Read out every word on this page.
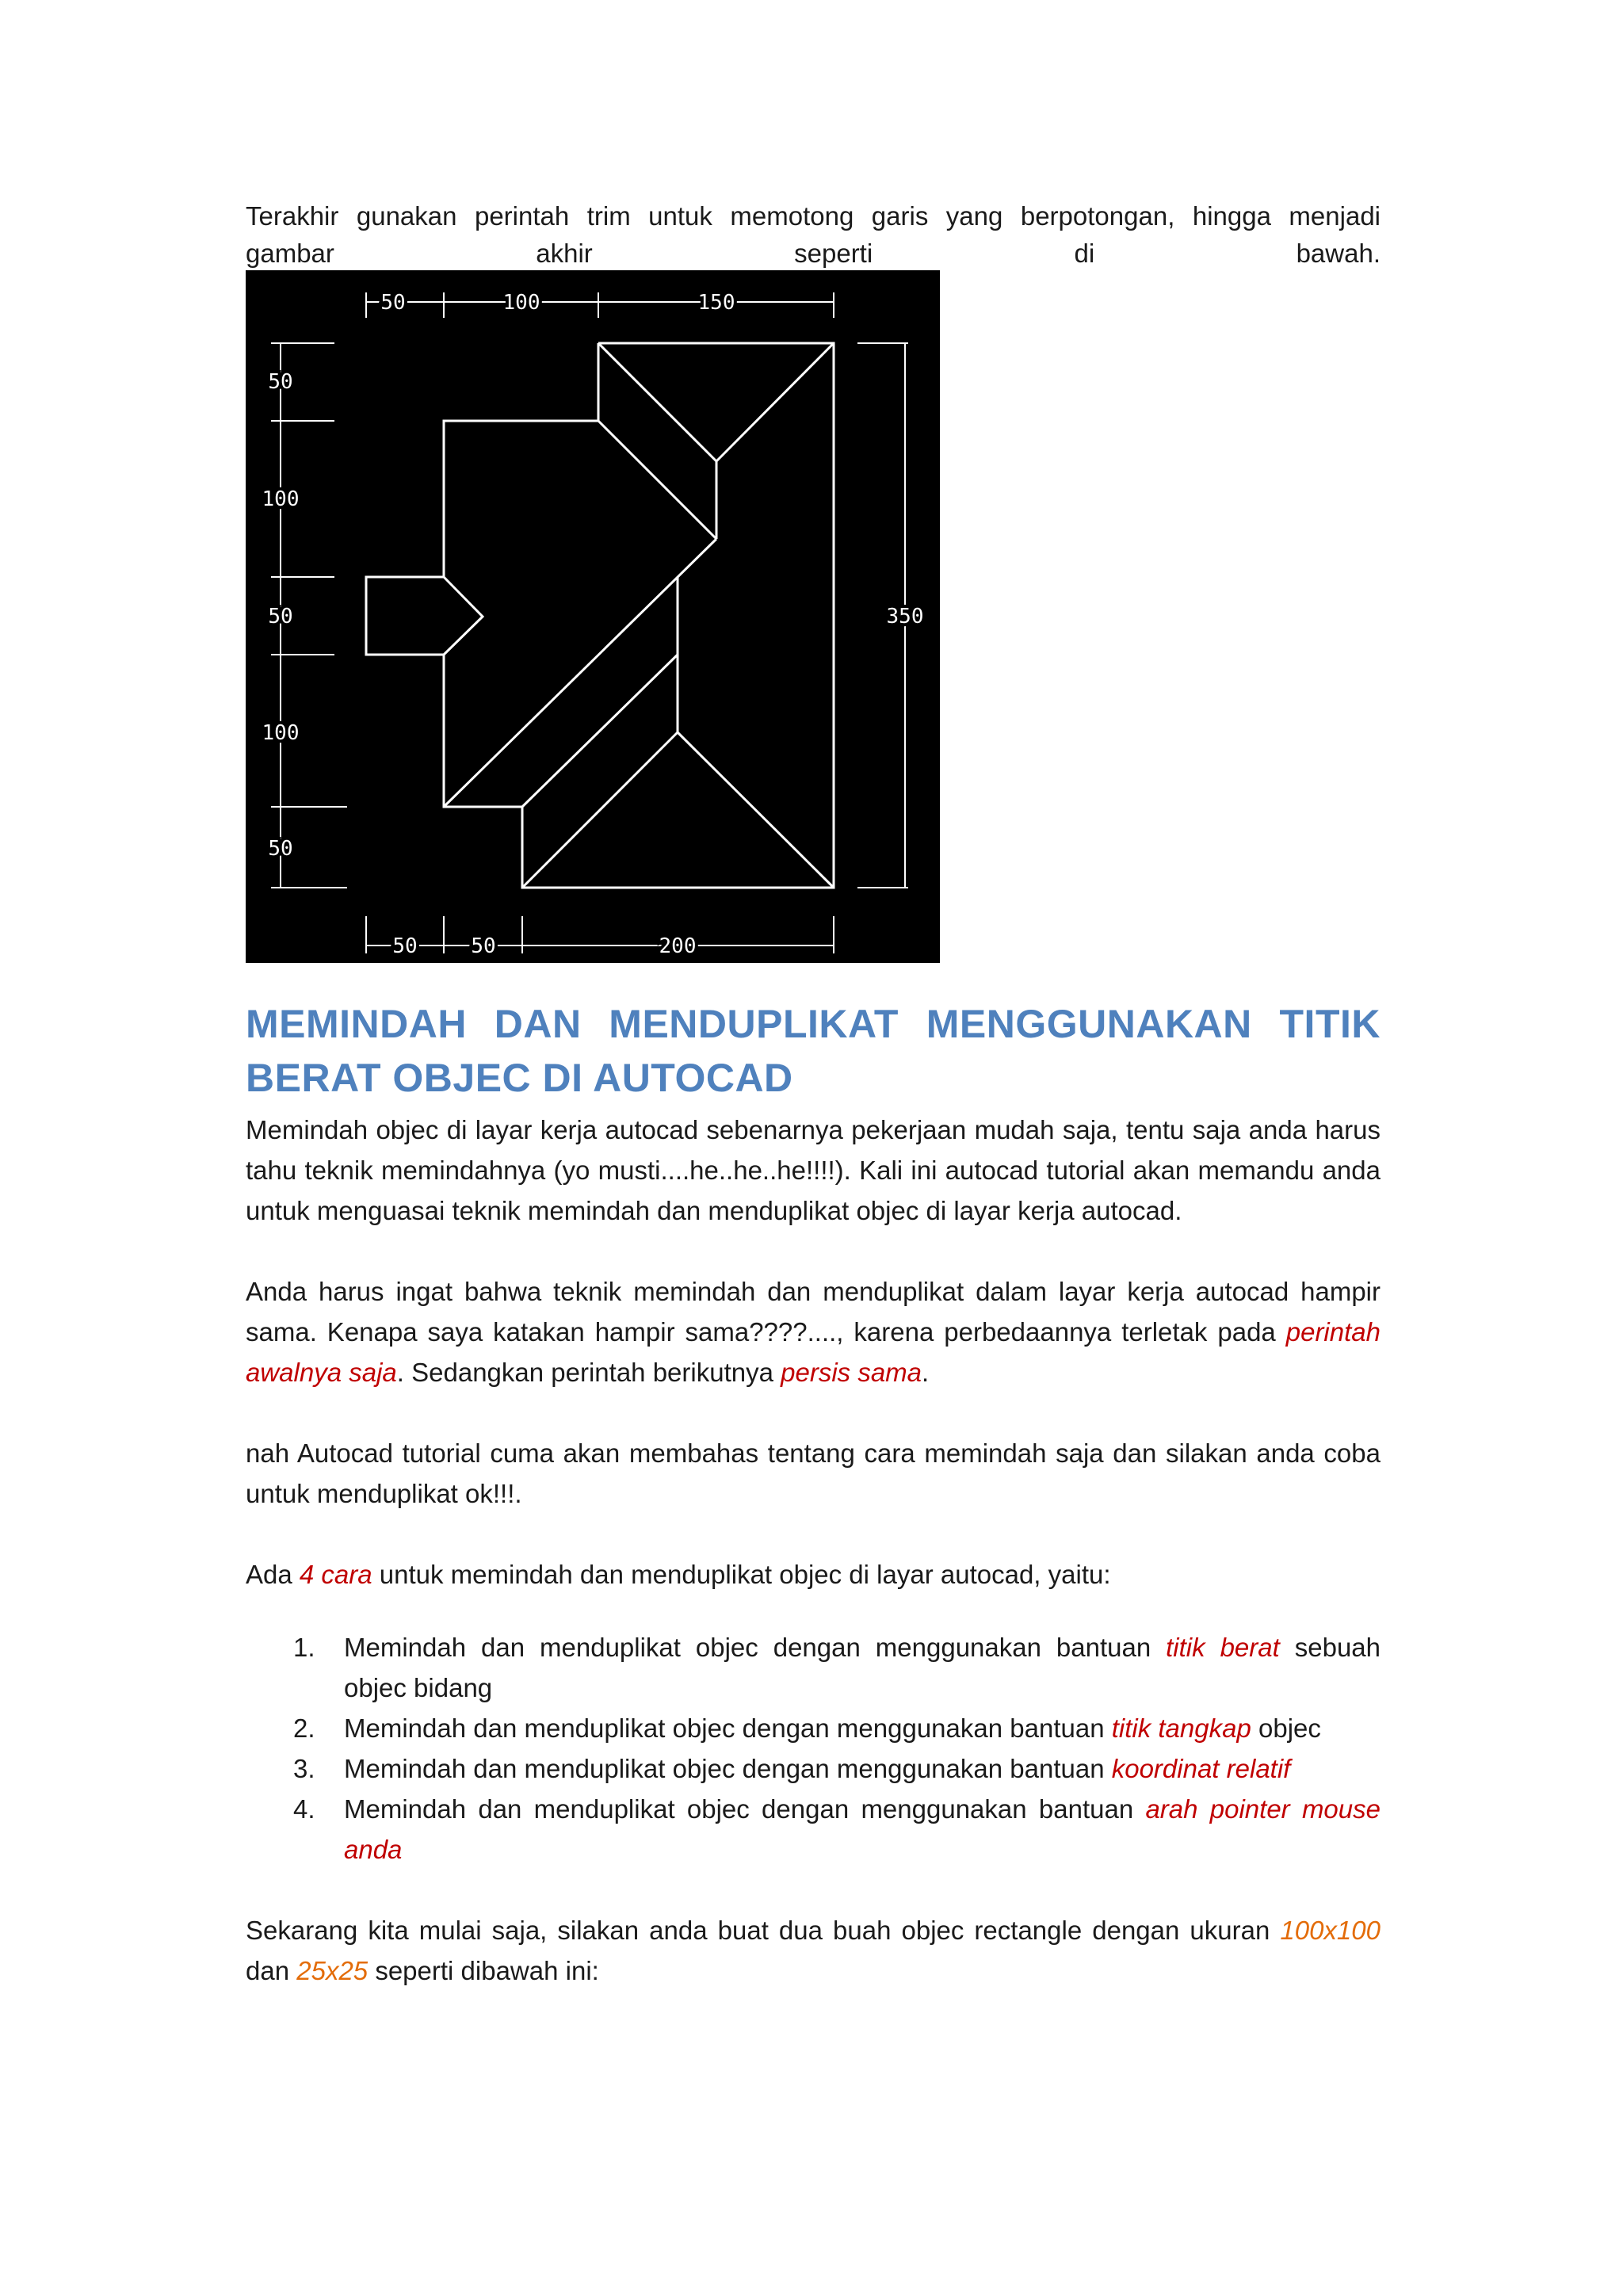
Terakhir gunakan perintah trim untuk memotong garis yang berpotongan, hingga menjadi

gambar akhir seperti di bawah.

50	100	150
50	50	200
50
100
50
100
50
350
MEMINDAH DAN MENDUPLIKAT MENGGUNAKAN TITIK
BERAT OBJEC DI AUTOCAD

Memindah objec di layar kerja autocad sebenarnya pekerjaan mudah saja, tentu saja anda harus tahu teknik memindahnya (yo musti....he..he..he!!!!). Kali ini autocad tutorial akan memandu anda untuk menguasai teknik memindah dan menduplikat objec di layar kerja autocad.

Anda harus ingat bahwa teknik memindah dan menduplikat dalam layar kerja autocad hampir sama. Kenapa saya katakan hampir sama????...., karena perbedaannya terletak pada perintah awalnya saja. Sedangkan perintah berikutnya persis sama.

nah Autocad tutorial cuma akan membahas tentang cara memindah saja dan silakan anda coba untuk menduplikat ok!!!.

Ada 4 cara untuk memindah dan menduplikat objec di layar autocad, yaitu:

1. Memindah dan menduplikat objec dengan menggunakan bantuan titik berat sebuah objec bidang
2. Memindah dan menduplikat objec dengan menggunakan bantuan titik tangkap objec
3. Memindah dan menduplikat objec dengan menggunakan bantuan koordinat relatif
4. Memindah dan menduplikat objec dengan menggunakan bantuan arah pointer mouse anda

Sekarang kita mulai saja, silakan anda buat dua buah objec rectangle dengan ukuran 100x100 dan 25x25 seperti dibawah ini:
